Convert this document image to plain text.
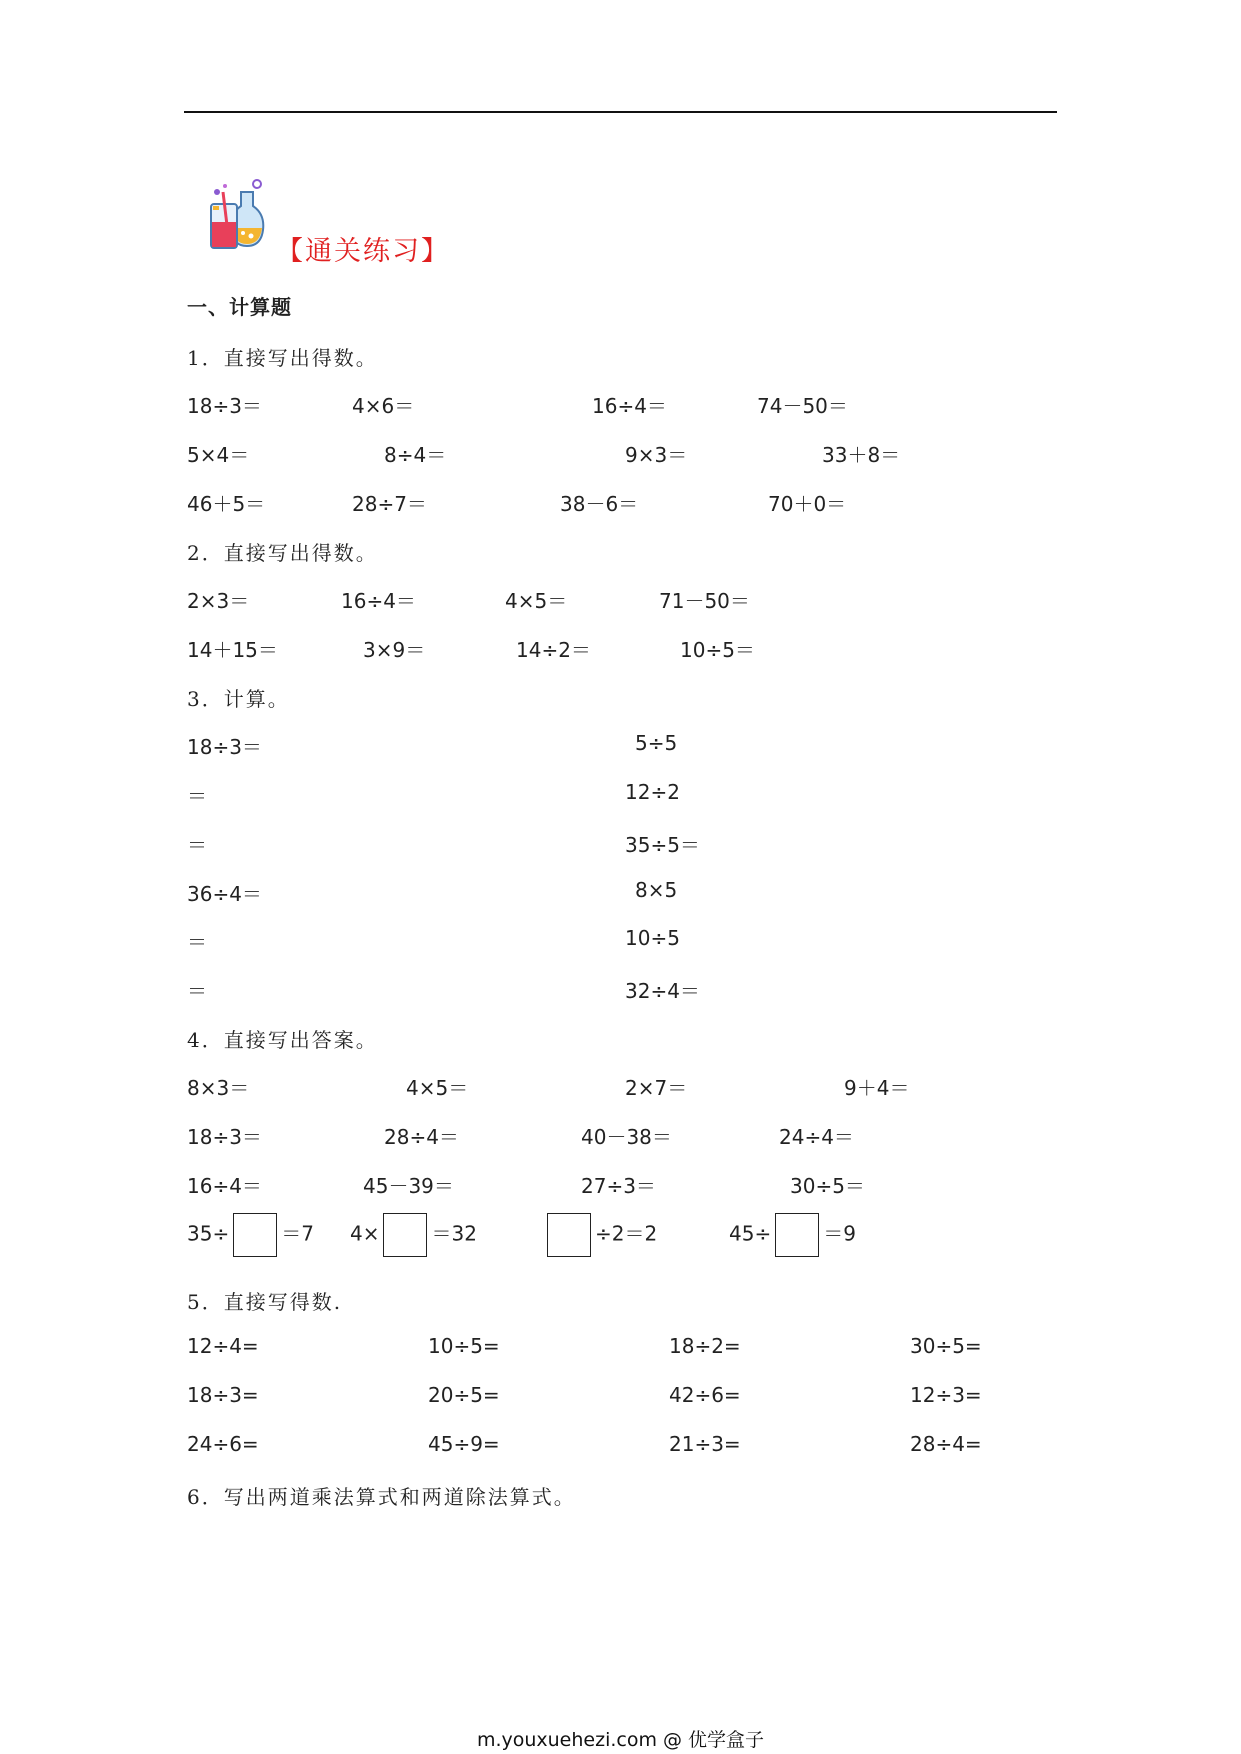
【通关练习】
一、计算题
1．直接写出得数。
18÷3＝	4×6＝	16÷4＝	74－50＝
5×4＝	8÷4＝	9×3＝	33＋8＝
46＋5＝	28÷7＝	38－6＝	70＋0＝
2．直接写出得数。
2×3＝	16÷4＝	4×5＝	71－50＝
14＋15＝	3×9＝	14÷2＝	10÷5＝
3．计算。
18÷3＝
＝
＝
36÷4＝
＝
＝
5÷5
12÷2
35÷5＝
8×5
10÷5
32÷4＝
4．直接写出答案。
8×3＝	4×5＝	2×7＝	9＋4＝
18÷3＝	28÷4＝	40－38＝	24÷4＝
16÷4＝	45－39＝	27÷3＝	30÷5＝
35÷	＝7 4×	＝32	÷2＝2	45÷	＝9
5．直接写得数.
12÷4=	10÷5=	18÷2=	30÷5=
18÷3=	20÷5=	42÷6=	12÷3=
24÷6=	45÷9=	21÷3=	28÷4=
6．写出两道乘法算式和两道除法算式。
m.youxuehezi.com @ 优学盒子
